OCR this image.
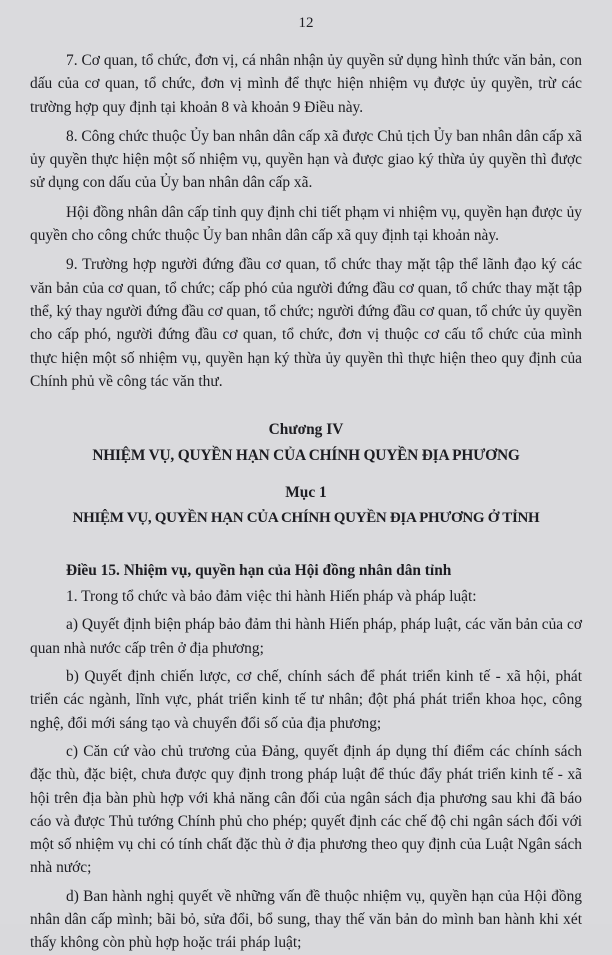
12

7. Cơ quan, tổ chức, đơn vị, cá nhân nhận ủy quyền sử dụng hình thức văn bản, con dấu của cơ quan, tổ chức, đơn vị mình để thực hiện nhiệm vụ được ủy quyền, trừ các trường hợp quy định tại khoản 8 và khoản 9 Điều này.

8. Công chức thuộc Ủy ban nhân dân cấp xã được Chủ tịch Ủy ban nhân dân cấp xã ủy quyền thực hiện một số nhiệm vụ, quyền hạn và được giao ký thừa ủy quyền thì được sử dụng con dấu của Ủy ban nhân dân cấp xã.

Hội đồng nhân dân cấp tỉnh quy định chi tiết phạm vi nhiệm vụ, quyền hạn được ủy quyền cho công chức thuộc Ủy ban nhân dân cấp xã quy định tại khoản này.

9. Trường hợp người đứng đầu cơ quan, tổ chức thay mặt tập thể lãnh đạo ký các văn bản của cơ quan, tổ chức; cấp phó của người đứng đầu cơ quan, tổ chức thay mặt tập thể, ký thay người đứng đầu cơ quan, tổ chức; người đứng đầu cơ quan, tổ chức ủy quyền cho cấp phó, người đứng đầu cơ quan, tổ chức, đơn vị thuộc cơ cấu tổ chức của mình thực hiện một số nhiệm vụ, quyền hạn ký thừa ủy quyền thì thực hiện theo quy định của Chính phủ về công tác văn thư.

Chương IV
NHIỆM VỤ, QUYỀN HẠN CỦA CHÍNH QUYỀN ĐỊA PHƯƠNG
Mục 1
NHIỆM VỤ, QUYỀN HẠN CỦA CHÍNH QUYỀN ĐỊA PHƯƠNG Ở TỈNH
Điều 15. Nhiệm vụ, quyền hạn của Hội đồng nhân dân tỉnh

1. Trong tổ chức và bảo đảm việc thi hành Hiến pháp và pháp luật:

a) Quyết định biện pháp bảo đảm thi hành Hiến pháp, pháp luật, các văn bản của cơ quan nhà nước cấp trên ở địa phương;

b) Quyết định chiến lược, cơ chế, chính sách để phát triển kinh tế - xã hội, phát triển các ngành, lĩnh vực, phát triển kinh tế tư nhân; đột phá phát triển khoa học, công nghệ, đổi mới sáng tạo và chuyển đổi số của địa phương;

c) Căn cứ vào chủ trương của Đảng, quyết định áp dụng thí điểm các chính sách đặc thù, đặc biệt, chưa được quy định trong pháp luật để thúc đẩy phát triển kinh tế - xã hội trên địa bàn phù hợp với khả năng cân đối của ngân sách địa phương sau khi đã báo cáo và được Thủ tướng Chính phủ cho phép; quyết định các chế độ chi ngân sách đối với một số nhiệm vụ chi có tính chất đặc thù ở địa phương theo quy định của Luật Ngân sách nhà nước;

d) Ban hành nghị quyết về những vấn đề thuộc nhiệm vụ, quyền hạn của Hội đồng nhân dân cấp mình; bãi bỏ, sửa đổi, bổ sung, thay thế văn bản do mình ban hành khi xét thấy không còn phù hợp hoặc trái pháp luật;
